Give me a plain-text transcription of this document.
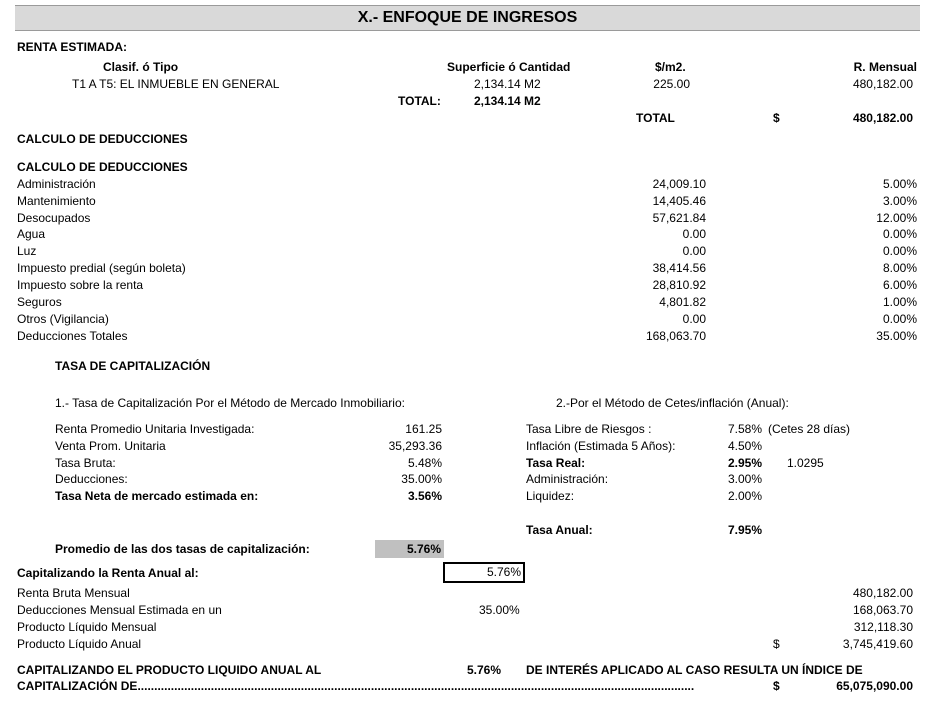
X.- ENFOQUE DE INGRESOS
RENTA ESTIMADA:
Clasif. ó Tipo	Superficie ó Cantidad	$/m2.	R. Mensual
T1 A T5: EL INMUEBLE EN GENERAL	2,134.14 M2	225.00	480,182.00
TOTAL:	2,134.14 M2
TOTAL	$	480,182.00
CALCULO DE DEDUCCIONES
CALCULO DE DEDUCCIONES
Administración	24,009.10	5.00%
Mantenimiento	14,405.46	3.00%
Desocupados	57,621.84	12.00%
Agua	0.00	0.00%
Luz	0.00	0.00%
Impuesto predial (según boleta)	38,414.56	8.00%
Impuesto sobre la renta	28,810.92	6.00%
Seguros	4,801.82	1.00%
Otros (Vigilancia)	0.00	0.00%
Deducciones Totales	168,063.70	35.00%
TASA DE CAPITALIZACIÓN
1.- Tasa de Capitalización Por el Método de Mercado Inmobiliario:	2.-Por el Método de Cetes/inflación (Anual):
Renta Promedio Unitaria Investigada:	161.25
Venta Prom. Unitaria	35,293.36
Tasa Bruta:	5.48%
Deducciones:	35.00%
Tasa Neta de mercado estimada en:	3.56%
Tasa Libre de Riesgos :	7.58% (Cetes 28 días)
Inflación (Estimada 5 Años):	4.50%
Tasa Real:	2.95% 1.0295
Administración:	3.00%
Liquidez:	2.00%
Tasa Anual:	7.95%
Promedio de las dos tasas de capitalización:	5.76%
Capitalizando la Renta Anual al:	5.76%
Renta Bruta Mensual	480,182.00
Deducciones Mensual Estimada en un	35.00%	168,063.70
Producto Líquido Mensual	312,118.30
Producto Líquido Anual	$	3,745,419.60
CAPITALIZANDO EL PRODUCTO LIQUIDO ANUAL AL	5.76% DE INTERÉS APLICADO AL CASO RESULTA UN ÍNDICE DE
CAPITALIZACIÓN DE.......................................................................................................................................................................	$	65,075,090.00
